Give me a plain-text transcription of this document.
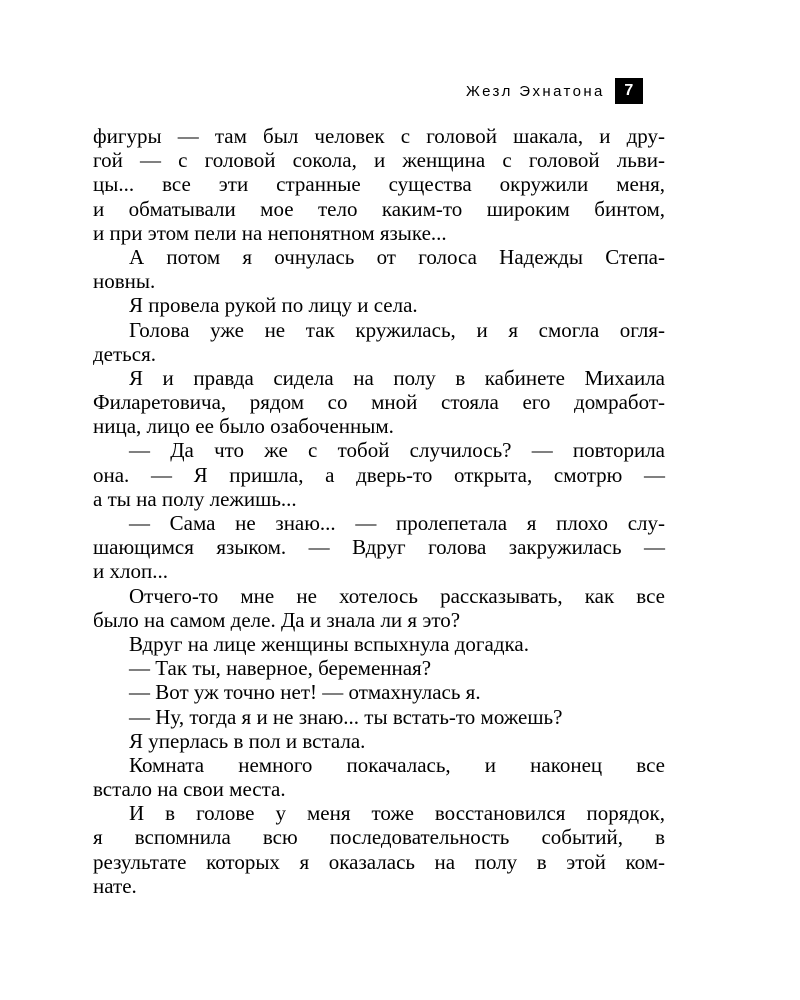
Жезл Эхнатона	7
фигуры — там был человек с головой шакала, и дру-
гой — с головой сокола, и женщина с головой льви-
цы... все эти странные существа окружили меня,
и обматывали мое тело каким-то широким бинтом,
и при этом пели на непонятном языке...
А потом я очнулась от голоса Надежды Степа-
новны.
Я провела рукой по лицу и села.
Голова уже не так кружилась, и я смогла огля-
деться.
Я и правда сидела на полу в кабинете Михаила
Филаретовича, рядом со мной стояла его домработ-
ница, лицо ее было озабоченным.
— Да что же с тобой случилось? — повторила
она. — Я пришла, а дверь-то открыта, смотрю —
а ты на полу лежишь...
— Сама не знаю... — пролепетала я плохо слу-
шающимся языком. — Вдруг голова закружилась —
и хлоп...
Отчего-то мне не хотелось рассказывать, как все
было на самом деле. Да и знала ли я это?
Вдруг на лице женщины вспыхнула догадка.
— Так ты, наверное, беременная?
— Вот уж точно нет! — отмахнулась я.
— Ну, тогда я и не знаю... ты встать-то можешь?
Я уперлась в пол и встала.
Комната немного покачалась, и наконец все
встало на свои места.
И в голове у меня тоже восстановился порядок,
я вспомнила всю последовательность событий, в
результате которых я оказалась на полу в этой ком-
нате.
